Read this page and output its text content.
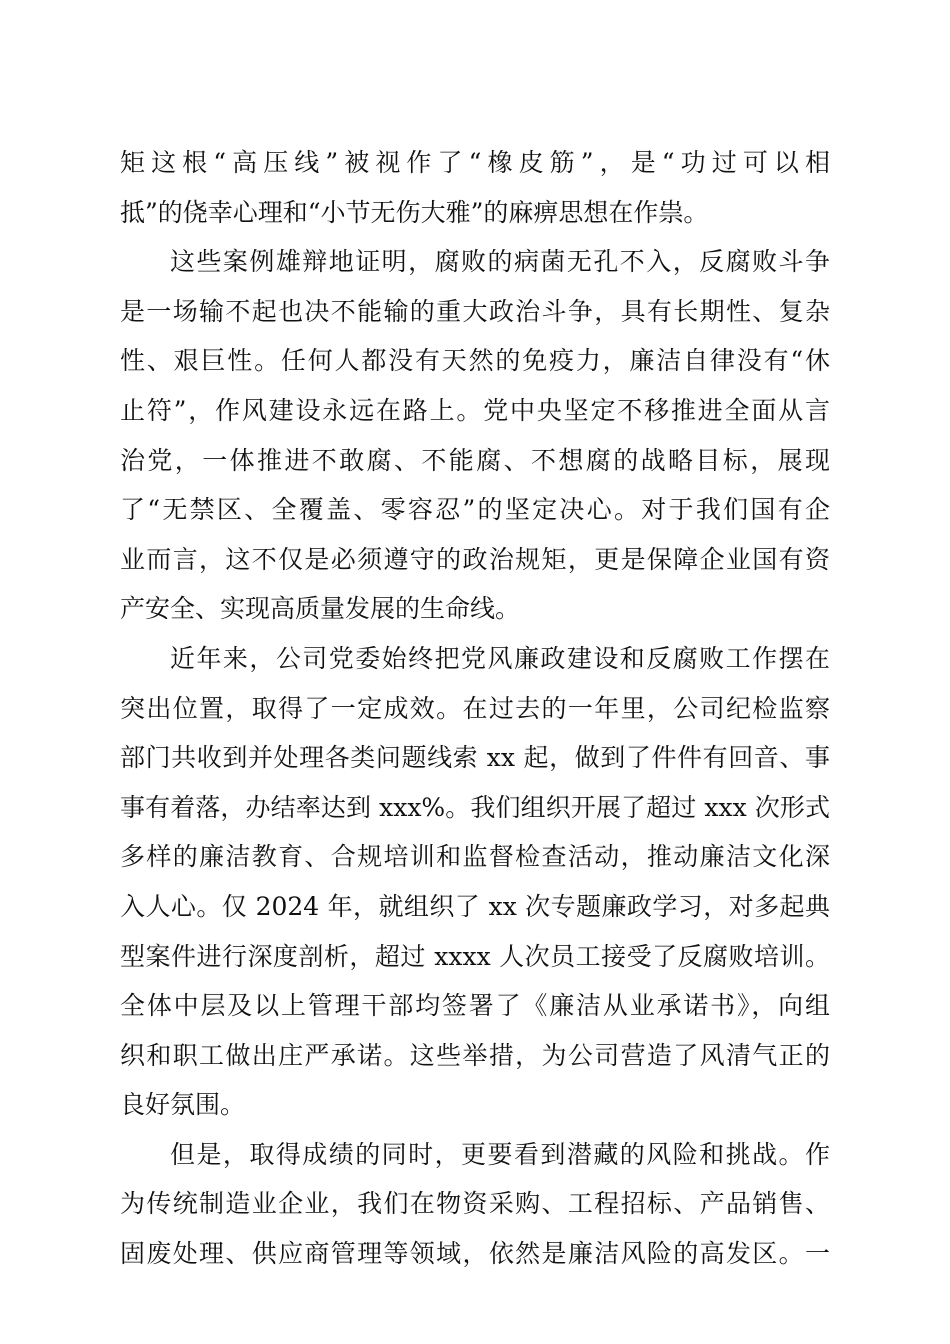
矩这根“高压线”被视作了“橡皮筋”，是“功过可以相
抵”的侥幸心理和“小节无伤大雅”的麻痹思想在作祟。
这些案例雄辩地证明，腐败的病菌无孔不入，反腐败斗争
是一场输不起也决不能输的重大政治斗争，具有长期性、复杂
性、艰巨性。任何人都没有天然的免疫力，廉洁自律没有“休
止符”，作风建设永远在路上。党中央坚定不移推进全面从言
治党，一体推进不敢腐、不能腐、不想腐的战略目标，展现
了“无禁区、全覆盖、零容忍”的坚定决心。对于我们国有企
业而言，这不仅是必须遵守的政治规矩，更是保障企业国有资
产安全、实现高质量发展的生命线。
近年来，公司党委始终把党风廉政建设和反腐败工作摆在
突出位置，取得了一定成效。在过去的一年里，公司纪检监察
部门共收到并处理各类问题线索 xx 起，做到了件件有回音、事
事有着落，办结率达到 xxx%。我们组织开展了超过 xxx 次形式
多样的廉洁教育、合规培训和监督检查活动，推动廉洁文化深
入人心。仅 2024 年，就组织了 xx 次专题廉政学习，对多起典
型案件进行深度剖析，超过 xxxx 人次员工接受了反腐败培训。
全体中层及以上管理干部均签署了《廉洁从业承诺书》，向组
织和职工做出庄严承诺。这些举措，为公司营造了风清气正的
良好氛围。
但是，取得成绩的同时，更要看到潜藏的风险和挑战。作
为传统制造业企业，我们在物资采购、工程招标、产品销售、
固废处理、供应商管理等领域，依然是廉洁风险的高发区。一
